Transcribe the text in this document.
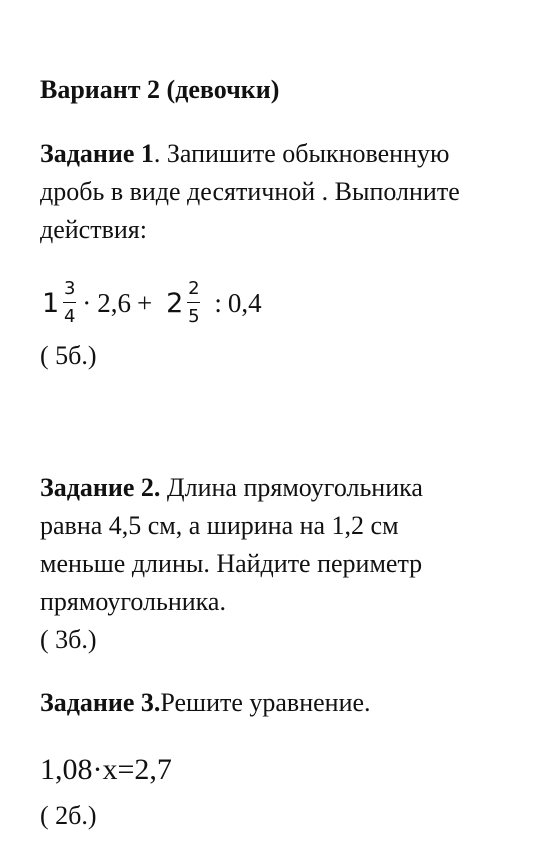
Вариант 2 (девочки)
Задание 1. Запишите обыкновенную
дробь в виде десятичной . Выполните
действия:
$1 \frac{3}{4} \cdot 2,6 + 2 \frac{2}{5}$ : 0,4
( 5б.)
Задание 2. Длина прямоугольника
равна 4,5 см, а ширина на 1,2 см
меньше длины. Найдите периметр
прямоугольника.
( 3б.)
Задание 3.Решите уравнение.
1,08·x=2,7
( 2б.)
